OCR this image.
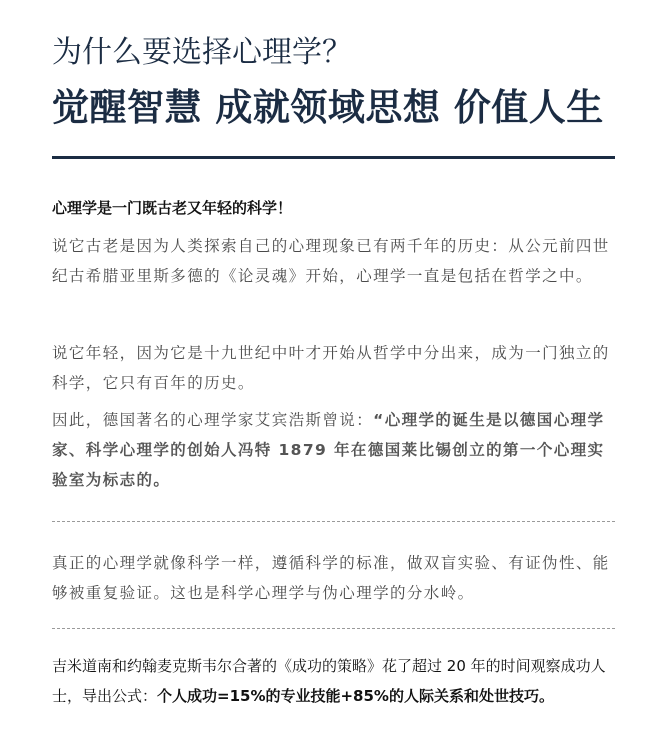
为什么要选择心理学？
觉醒智慧 成就领域思想 价值人生
心理学是一门既古老又年轻的科学！
说它古老是因为人类探索自己的心理现象已有两千年的历史：从公元前四世纪古希腊亚里斯多德的《论灵魂》开始，心理学一直是包括在哲学之中。
说它年轻，因为它是十九世纪中叶才开始从哲学中分出来，成为一门独立的科学，它只有百年的历史。
因此，德国著名的心理学家艾宾浩斯曾说：“心理学的诞生是以德国心理学家、科学心理学的创始人冯特 1879 年在德国莱比锡创立的第一个心理实验室为标志的。
真正的心理学就像科学一样，遵循科学的标准，做双盲实验、有证伪性、能够被重复验证。这也是科学心理学与伪心理学的分水岭。
吉米道南和约翰麦克斯韦尔合著的《成功的策略》花了超过 20 年的时间观察成功人士，导出公式：个人成功=15%的专业技能+85%的人际关系和处世技巧。
